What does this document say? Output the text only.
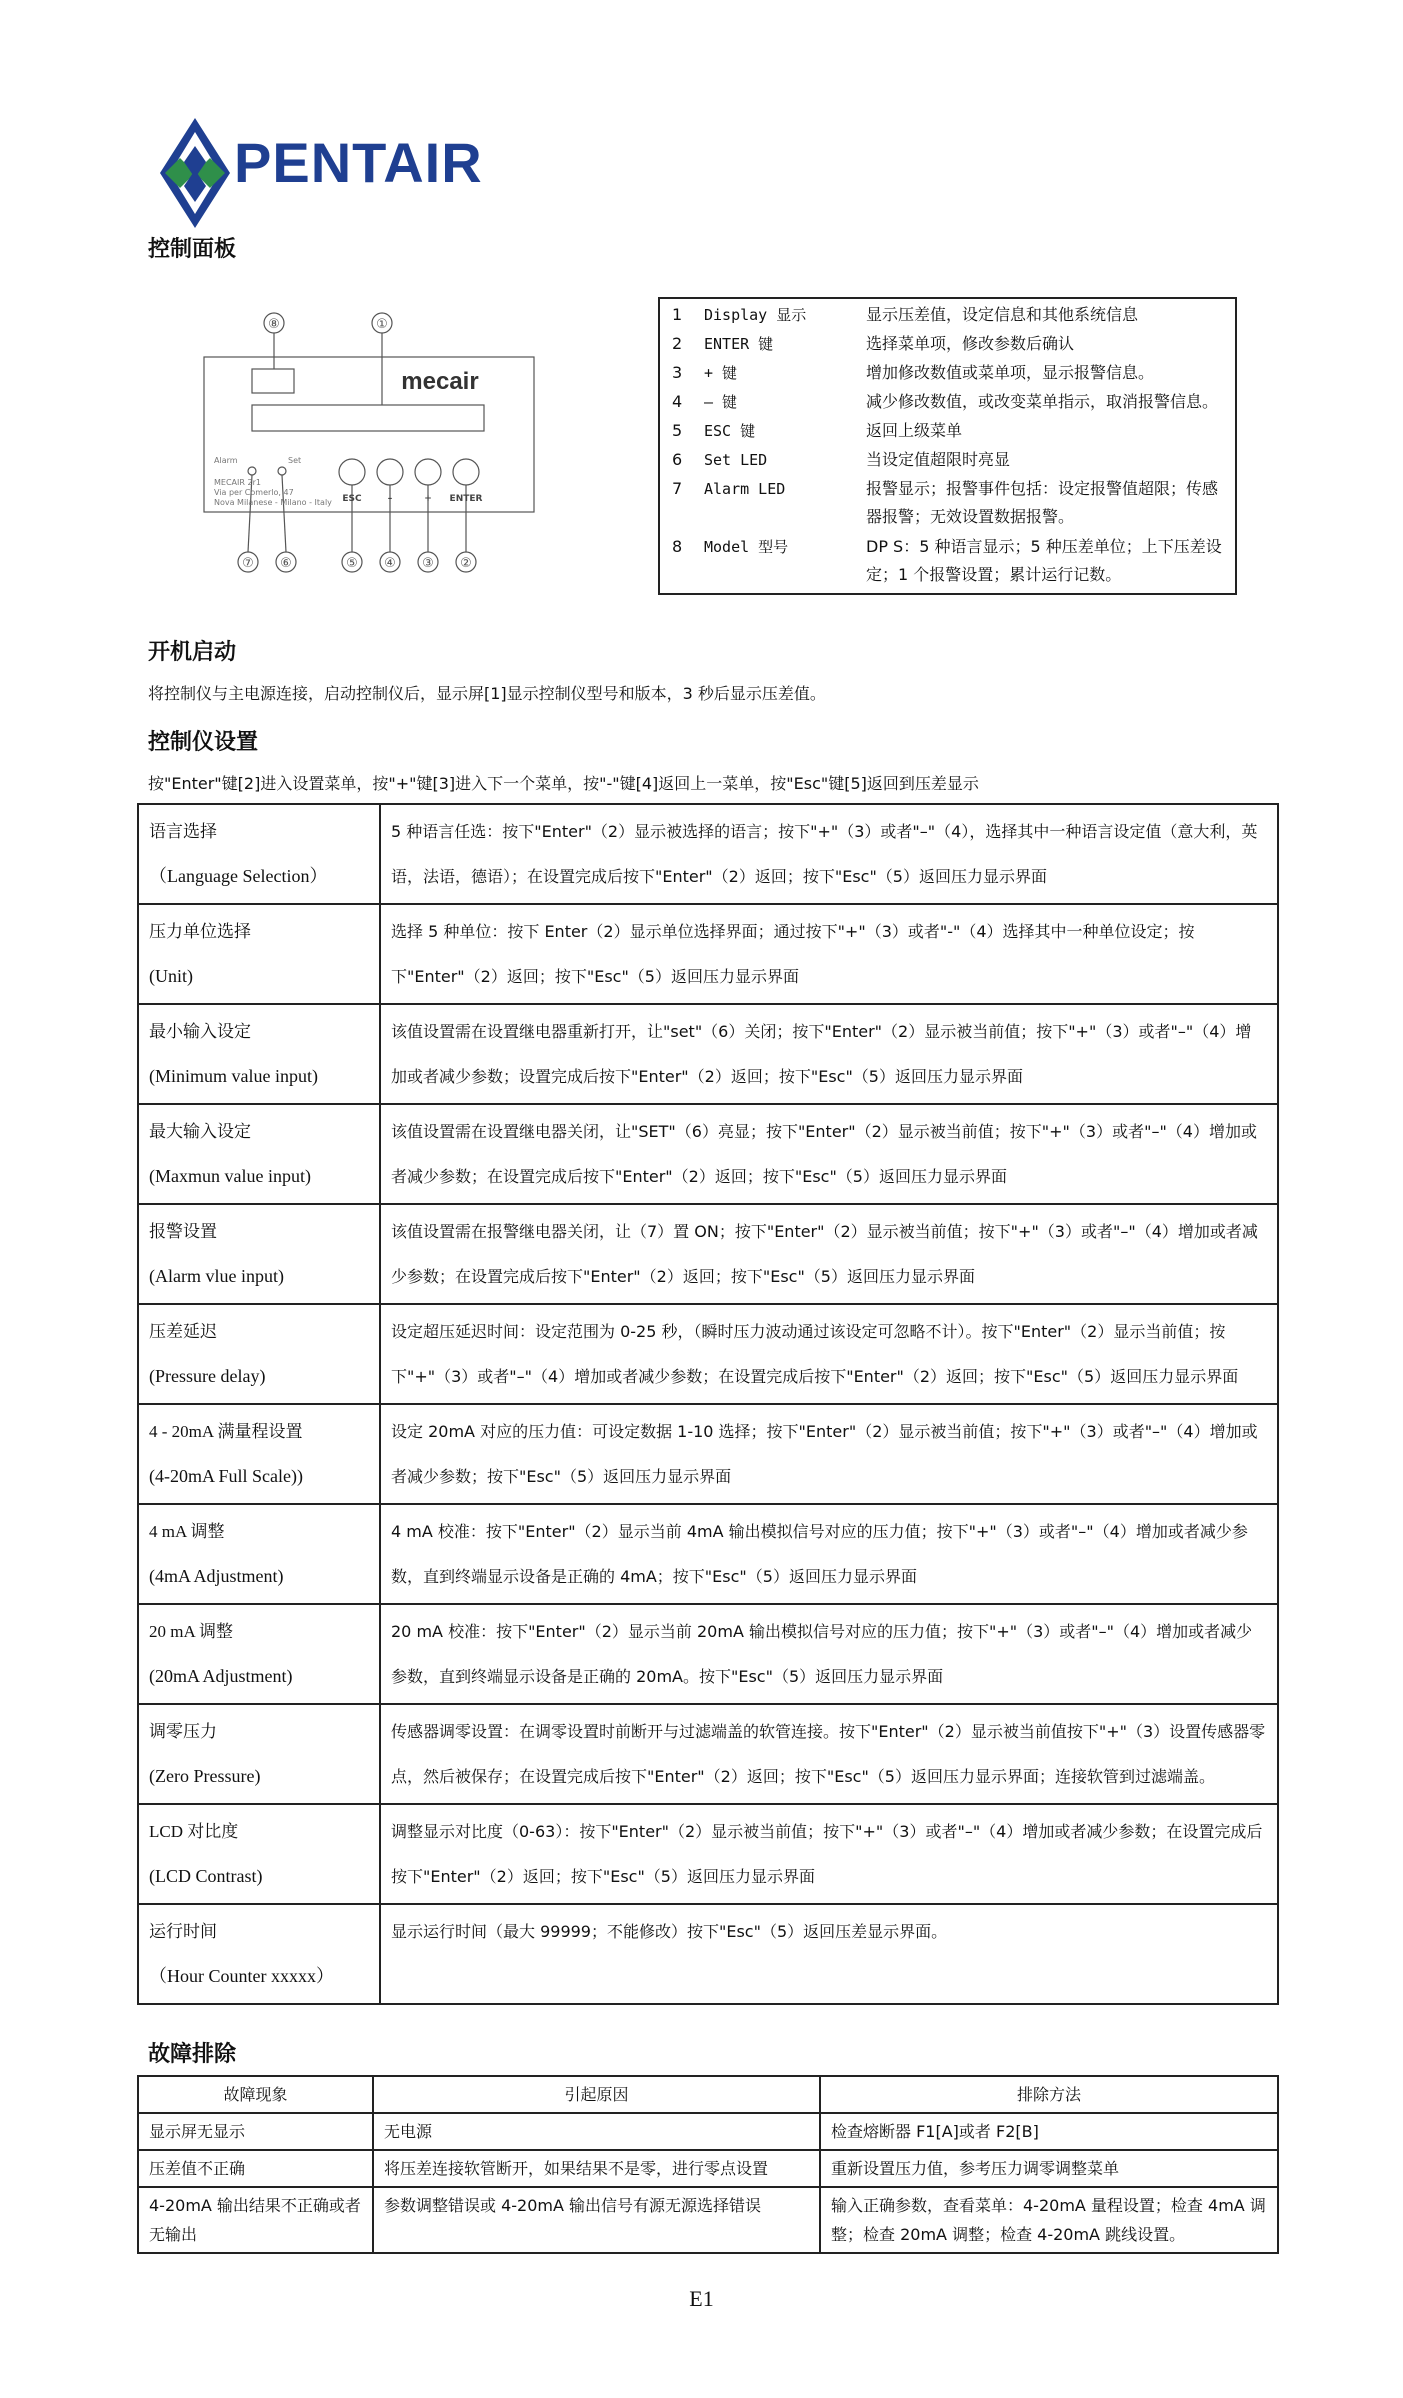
PENTAIR
控制面板
⑧	①
⑦ ⑥	⑤ ④ ③ ②
mecair
Alarm	Set
MECAIR 2r1
Via per Comerlo, 47
Nova Milanese - Milano - Italy ESC	–	+ ENTER
1 Display 显示	显示压差值，设定信息和其他系统信息
2 ENTER 键	选择菜单项，修改参数后确认
3 + 键	增加修改数值或菜单项，显示报警信息。
4 – 键	减少修改数值，或改变菜单指示，取消报警信息。
5 ESC 键	返回上级菜单
6 Set LED	当设定值超限时亮显
7 Alarm LED	报警显示；报警事件包括：设定报警值超限；传感器报警；无效设置数据报警。
8 Model 型号	DP S：5 种语言显示；5 种压差单位；上下压差设定；1 个报警设置；累计运行记数。
开机启动
将控制仪与主电源连接，启动控制仪后，显示屏[1]显示控制仪型号和版本，3 秒后显示压差值。
控制仪设置
按"Enter"键[2]进入设置菜单，按"+"键[3]进入下一个菜单，按"-"键[4]返回上一菜单，按"Esc"键[5]返回到压差显示
语言选择
（Language Selection）	5 种语言任选：按下"Enter"（2）显示被选择的语言；按下"+"（3）或者"–"（4），选择其中一种语言设定值（意大利，英语，法语，德语）；在设置完成后按下"Enter"（2）返回；按下"Esc"（5）返回压力显示界面
压力单位选择
(Unit)	选择 5 种单位：按下 Enter（2）显示单位选择界面；通过按下"+"（3）或者"-"（4）选择其中一种单位设定；按下"Enter"（2）返回；按下"Esc"（5）返回压力显示界面
最小输入设定
(Minimum value input)	该值设置需在设置继电器重新打开，让"set"（6）关闭；按下"Enter"（2）显示被当前值；按下"+"（3）或者"–"（4）增加或者减少参数；设置完成后按下"Enter"（2）返回；按下"Esc"（5）返回压力显示界面
最大输入设定
(Maxmun value input)	该值设置需在设置继电器关闭，让"SET"（6）亮显；按下"Enter"（2）显示被当前值；按下"+"（3）或者"–"（4）增加或者减少参数；在设置完成后按下"Enter"（2）返回；按下"Esc"（5）返回压力显示界面
报警设置
(Alarm vlue input)	该值设置需在报警继电器关闭，让（7）置 ON；按下"Enter"（2）显示被当前值；按下"+"（3）或者"–"（4）增加或者减少参数；在设置完成后按下"Enter"（2）返回；按下"Esc"（5）返回压力显示界面
压差延迟
(Pressure delay)	设定超压延迟时间：设定范围为 0-25 秒，（瞬时压力波动通过该设定可忽略不计）。按下"Enter"（2）显示当前值；按下"+"（3）或者"–"（4）增加或者减少参数；在设置完成后按下"Enter"（2）返回；按下"Esc"（5）返回压力显示界面
4 - 20mA 满量程设置
(4-20mA Full Scale))	设定 20mA 对应的压力值：可设定数据 1-10 选择；按下"Enter"（2）显示被当前值；按下"+"（3）或者"–"（4）增加或者减少参数；按下"Esc"（5）返回压力显示界面
4 mA 调整
(4mA Adjustment)	4 mA 校准：按下"Enter"（2）显示当前 4mA 输出模拟信号对应的压力值；按下"+"（3）或者"–"（4）增加或者减少参数，直到终端显示设备是正确的 4mA；按下"Esc"（5）返回压力显示界面
20 mA 调整
(20mA Adjustment)	20 mA 校准：按下"Enter"（2）显示当前 20mA 输出模拟信号对应的压力值；按下"+"（3）或者"–"（4）增加或者减少参数，直到终端显示设备是正确的 20mA。按下"Esc"（5）返回压力显示界面
调零压力
(Zero Pressure)	传感器调零设置：在调零设置时前断开与过滤端盖的软管连接。按下"Enter"（2）显示被当前值按下"+"（3）设置传感器零点，然后被保存；在设置完成后按下"Enter"（2）返回；按下"Esc"（5）返回压力显示界面；连接软管到过滤端盖。
LCD 对比度
(LCD Contrast)	调整显示对比度（0-63）：按下"Enter"（2）显示被当前值；按下"+"（3）或者"–"（4）增加或者减少参数；在设置完成后按下"Enter"（2）返回；按下"Esc"（5）返回压力显示界面
运行时间
（Hour Counter xxxxx）	显示运行时间（最大 99999；不能修改）按下"Esc"（5）返回压差显示界面。
故障排除
故障现象	引起原因	排除方法
显示屏无显示	无电源	检查熔断器 F1[A]或者 F2[B]
压差值不正确	将压差连接软管断开，如果结果不是零，进行零点设置	重新设置压力值，参考压力调零调整菜单
4-20mA 输出结果不正确或者无输出	参数调整错误或 4-20mA 输出信号有源无源选择错误	输入正确参数，查看菜单：4-20mA 量程设置；检查 4mA 调整；检查 20mA 调整；检查 4-20mA 跳线设置。
E1
